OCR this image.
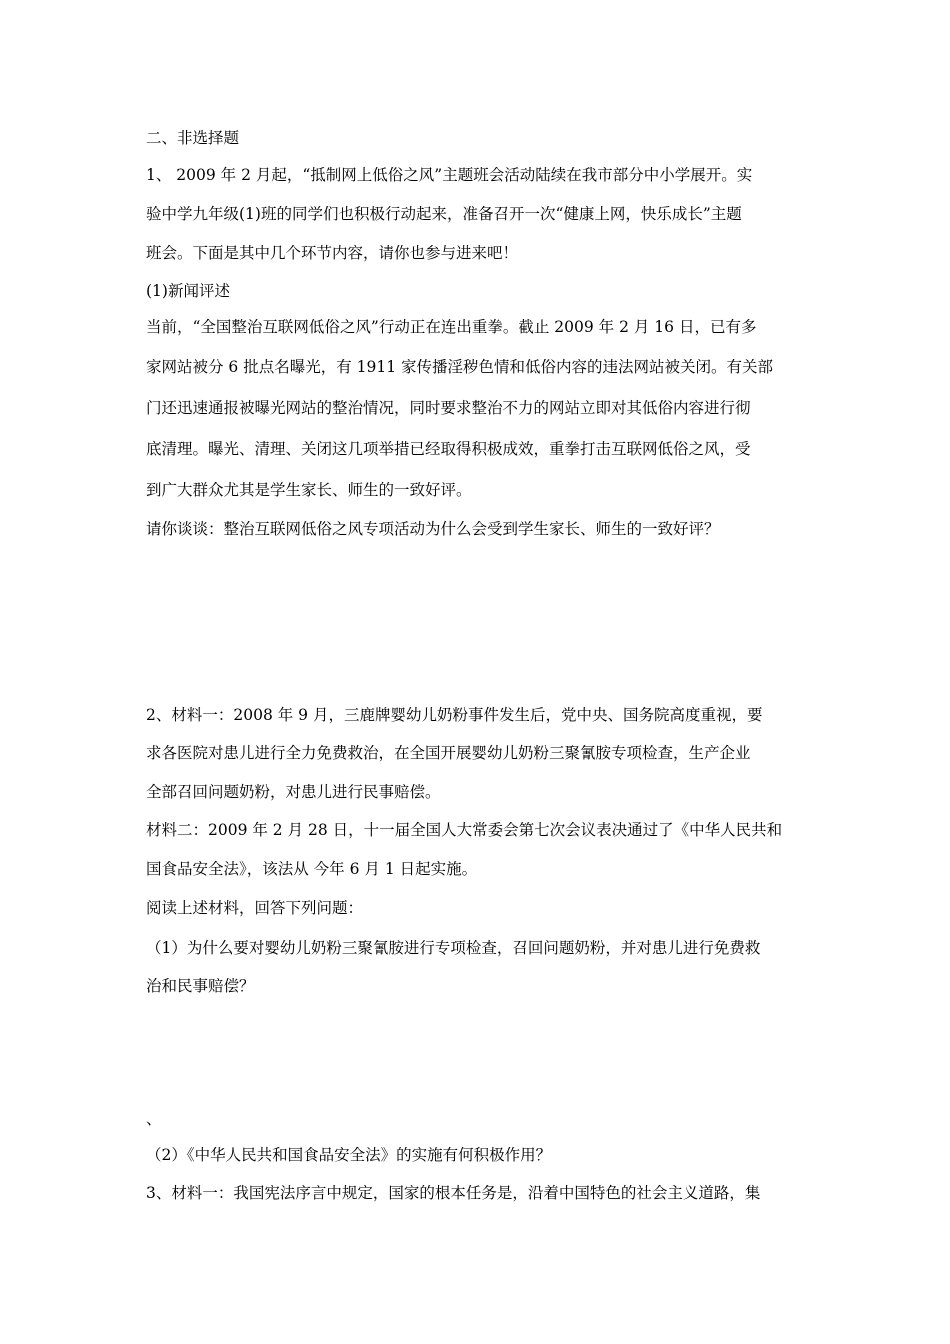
二、非选择题
1、 2009 年 2 月起，“抵制网上低俗之风”主题班会活动陆续在我市部分中小学展开。实
验中学九年级(1)班的同学们也积极行动起来，准备召开一次“健康上网，快乐成长”主题
班会。下面是其中几个环节内容，请你也参与进来吧！
(1)新闻评述
当前，“全国整治互联网低俗之风”行动正在连出重拳。截止 2009 年 2 月 16 日，已有多
家网站被分 6 批点名曝光，有 1911 家传播淫秽色情和低俗内容的违法网站被关闭。有关部
门还迅速通报被曝光网站的整治情况，同时要求整治不力的网站立即对其低俗内容进行彻
底清理。曝光、清理、关闭这几项举措已经取得积极成效，重拳打击互联网低俗之风，受
到广大群众尤其是学生家长、师生的一致好评。
请你谈谈：整治互联网低俗之风专项活动为什么会受到学生家长、师生的一致好评？
2、材料一：2008 年 9 月，三鹿牌婴幼儿奶粉事件发生后，党中央、国务院高度重视，要
求各医院对患儿进行全力免费救治，在全国开展婴幼儿奶粉三聚氰胺专项检查，生产企业
全部召回问题奶粉，对患儿进行民事赔偿。
材料二：2009 年 2 月 28 日，十一届全国人大常委会第七次会议表决通过了《中华人民共和
国食品安全法》，该法从 今年 6 月 1 日起实施。
阅读上述材料，回答下列问题：
（1）为什么要对婴幼儿奶粉三聚氰胺进行专项检查，召回问题奶粉，并对患儿进行免费救
治和民事赔偿？
、
（2）《中华人民共和国食品安全法》的实施有何积极作用？
3、材料一：我国宪法序言中规定，国家的根本任务是，沿着中国特色的社会主义道路，集
